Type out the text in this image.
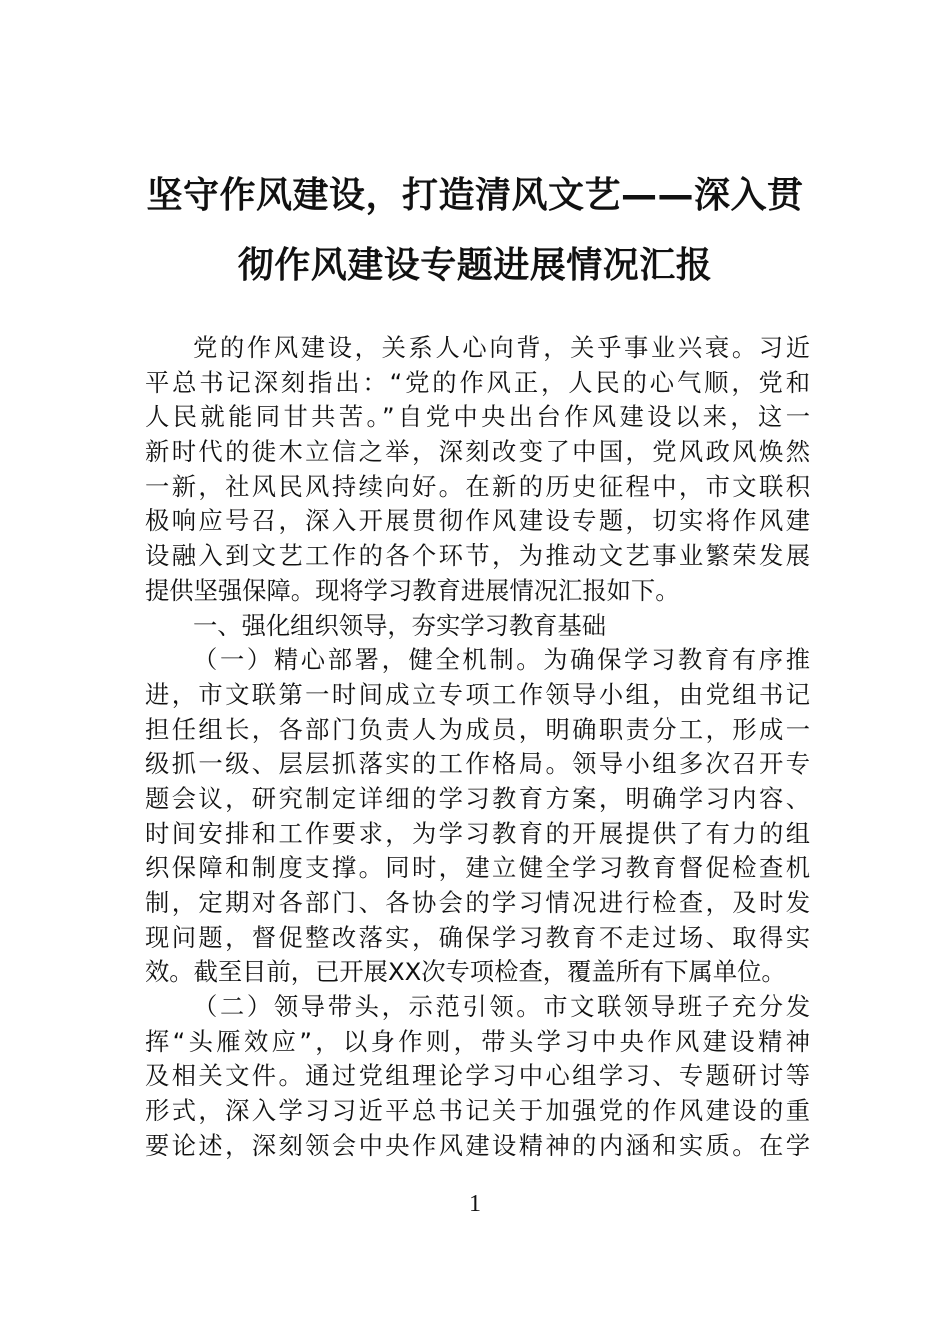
坚守作风建设，打造清风文艺——深入贯
彻作风建设专题进展情况汇报
党的作风建设，关系人心向背，关乎事业兴衰。习近
平总书记深刻指出：“党的作风正，人民的心气顺，党和
人民就能同甘共苦。”自党中央出台作风建设以来，这一
新时代的徙木立信之举，深刻改变了中国，党风政风焕然
一新，社风民风持续向好。在新的历史征程中，市文联积
极响应号召，深入开展贯彻作风建设专题，切实将作风建
设融入到文艺工作的各个环节，为推动文艺事业繁荣发展
提供坚强保障。现将学习教育进展情况汇报如下。
一、强化组织领导，夯实学习教育基础
（一）精心部署，健全机制。为确保学习教育有序推
进，市文联第一时间成立专项工作领导小组，由党组书记
担任组长，各部门负责人为成员，明确职责分工，形成一
级抓一级、层层抓落实的工作格局。领导小组多次召开专
题会议，研究制定详细的学习教育方案，明确学习内容、
时间安排和工作要求，为学习教育的开展提供了有力的组
织保障和制度支撑。同时，建立健全学习教育督促检查机
制，定期对各部门、各协会的学习情况进行检查，及时发
现问题，督促整改落实，确保学习教育不走过场、取得实
效。截至目前，已开展XX次专项检查，覆盖所有下属单位。
（二）领导带头，示范引领。市文联领导班子充分发
挥“头雁效应”，以身作则，带头学习中央作风建设精神
及相关文件。通过党组理论学习中心组学习、专题研讨等
形式，深入学习习近平总书记关于加强党的作风建设的重
要论述，深刻领会中央作风建设精神的内涵和实质。在学
1
